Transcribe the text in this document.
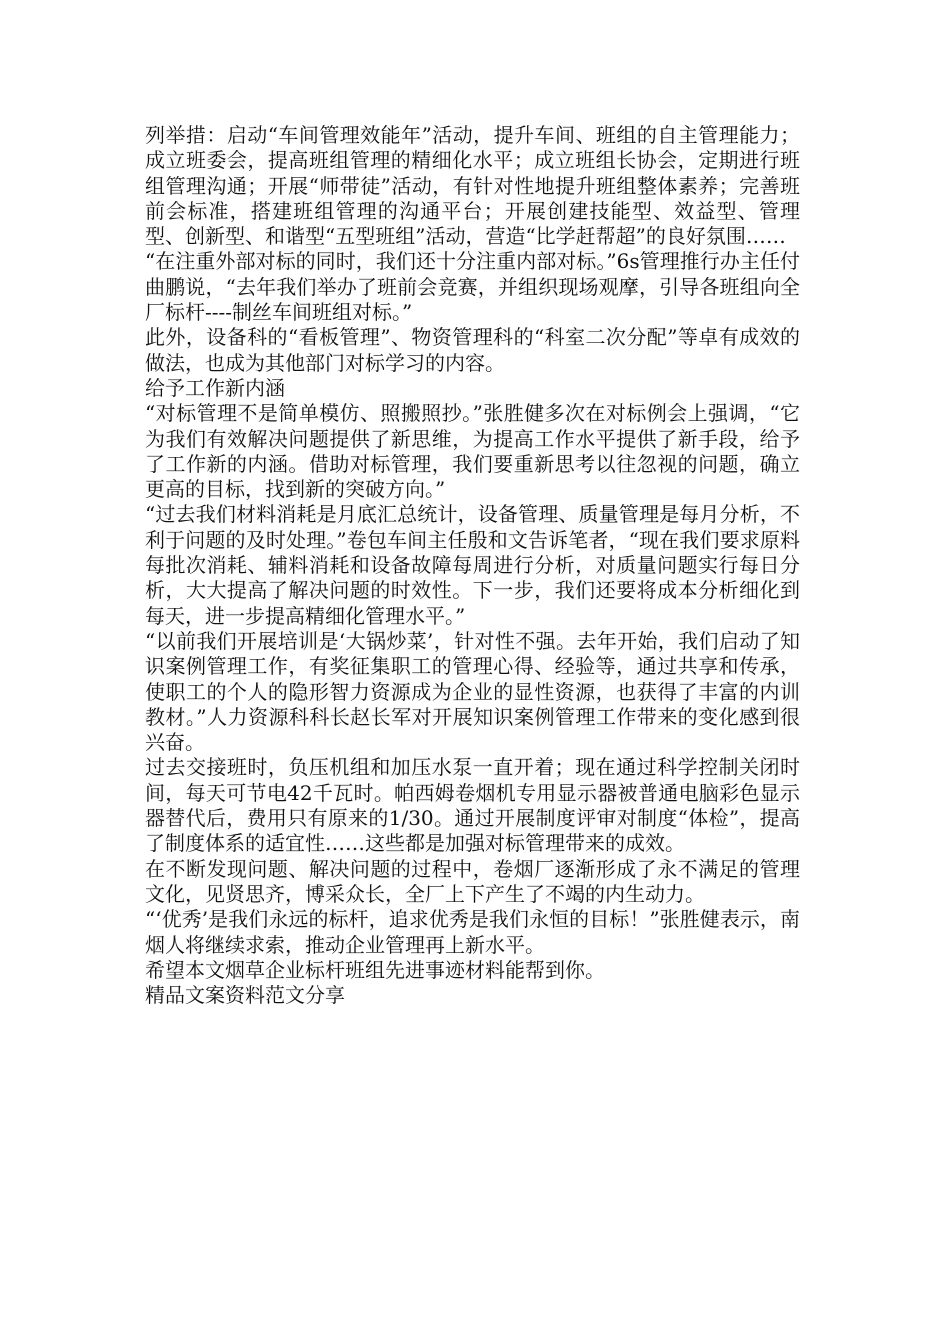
列举措：启动“车间管理效能年”活动，提升车间、班组的自主管理能力；成立班委会，提高班组管理的精细化水平；成立班组长协会，定期进行班组管理沟通；开展“师带徒”活动，有针对性地提升班组整体素养；完善班前会标准，搭建班组管理的沟通平台；开展创建技能型、效益型、管理型、创新型、和谐型“五型班组”活动，营造“比学赶帮超”的良好氛围……

“在注重外部对标的同时，我们还十分注重内部对标。”6s管理推行办主任付曲鹏说，“去年我们举办了班前会竞赛，并组织现场观摩，引导各班组向全厂标杆----制丝车间班组对标。”

此外，设备科的“看板管理”、物资管理科的“科室二次分配”等卓有成效的做法，也成为其他部门对标学习的内容。

给予工作新内涵

“对标管理不是简单模仿、照搬照抄。”张胜健多次在对标例会上强调，“它为我们有效解决问题提供了新思维，为提高工作水平提供了新手段，给予了工作新的内涵。借助对标管理，我们要重新思考以往忽视的问题，确立更高的目标，找到新的突破方向。”

“过去我们材料消耗是月底汇总统计，设备管理、质量管理是每月分析，不利于问题的及时处理。”卷包车间主任殷和文告诉笔者，“现在我们要求原料每批次消耗、辅料消耗和设备故障每周进行分析，对质量问题实行每日分析，大大提高了解决问题的时效性。下一步，我们还要将成本分析细化到每天，进一步提高精细化管理水平。”

“以前我们开展培训是‘大锅炒菜’，针对性不强。去年开始，我们启动了知识案例管理工作，有奖征集职工的管理心得、经验等，通过共享和传承，使职工的个人的隐形智力资源成为企业的显性资源，也获得了丰富的内训教材。”人力资源科科长赵长军对开展知识案例管理工作带来的变化感到很兴奋。

过去交接班时，负压机组和加压水泵一直开着；现在通过科学控制关闭时间，每天可节电42千瓦时。帕西姆卷烟机专用显示器被普通电脑彩色显示器替代后，费用只有原来的1/30。通过开展制度评审对制度“体检”，提高了制度体系的适宜性……这些都是加强对标管理带来的成效。

在不断发现问题、解决问题的过程中，卷烟厂逐渐形成了永不满足的管理文化，见贤思齐，博采众长，全厂上下产生了不竭的内生动力。

“‘优秀’是我们永远的标杆，追求优秀是我们永恒的目标！”张胜健表示，南烟人将继续求索，推动企业管理再上新水平。

希望本文烟草企业标杆班组先进事迹材料能帮到你。

精品文案资料范文分享
